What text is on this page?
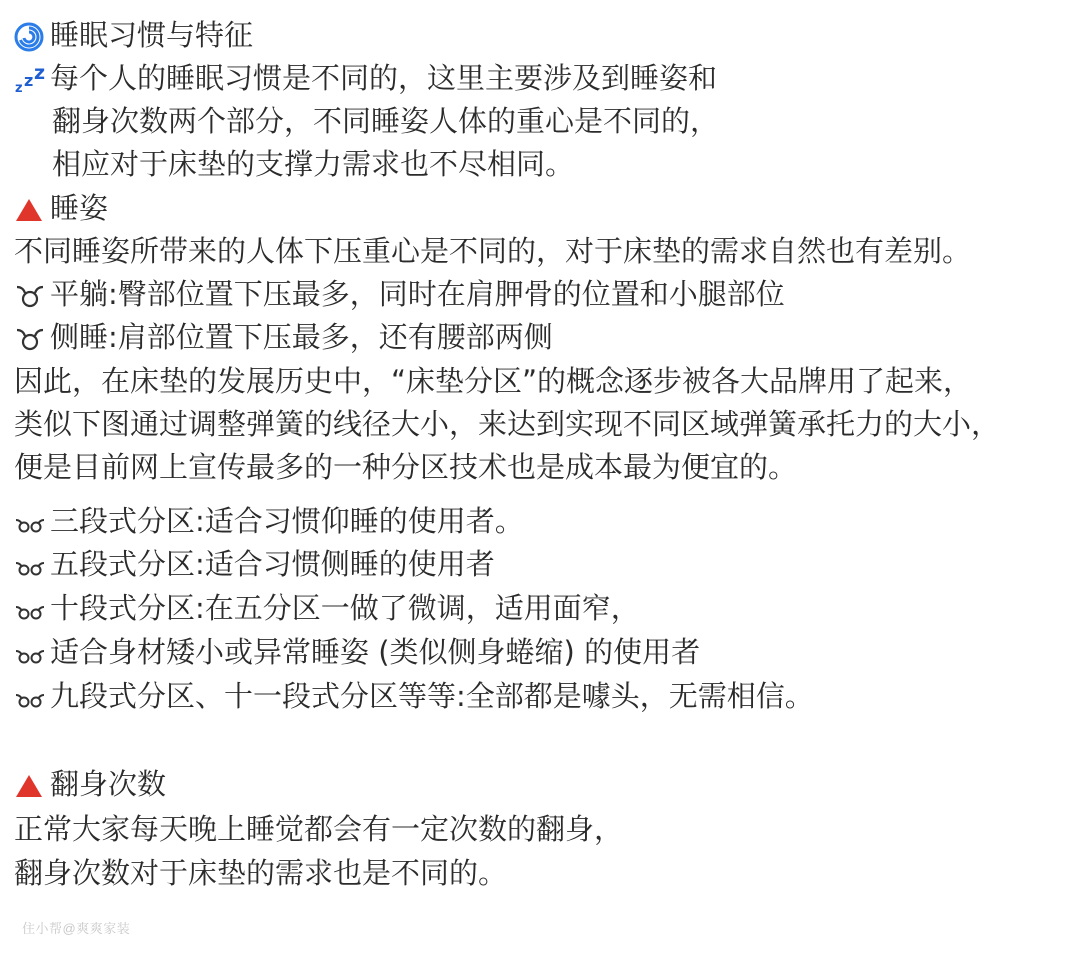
睡眠习惯与特征
z z z 每个人的睡眠习惯是不同的，这里主要涉及到睡姿和
翻身次数两个部分，不同睡姿人体的重心是不同的，
相应对于床垫的支撑力需求也不尽相同。
睡姿
不同睡姿所带来的人体下压重心是不同的，对于床垫的需求自然也有差别。
平躺:臀部位置下压最多，同时在肩胛骨的位置和小腿部位
侧睡:肩部位置下压最多，还有腰部两侧
因此，在床垫的发展历史中，“床垫分区”的概念逐步被各大品牌用了起来，
类似下图通过调整弹簧的线径大小，来达到实现不同区域弹簧承托力的大小，
便是目前网上宣传最多的一种分区技术也是成本最为便宜的。
三段式分区:适合习惯仰睡的使用者。
五段式分区:适合习惯侧睡的使用者
十段式分区:在五分区一做了微调，适用面窄，
适合身材矮小或异常睡姿 (类似侧身蜷缩) 的使用者
九段式分区、十一段式分区等等:全部都是噱头，无需相信。
翻身次数
正常大家每天晚上睡觉都会有一定次数的翻身，
翻身次数对于床垫的需求也是不同的。
住小帮@爽爽家装
